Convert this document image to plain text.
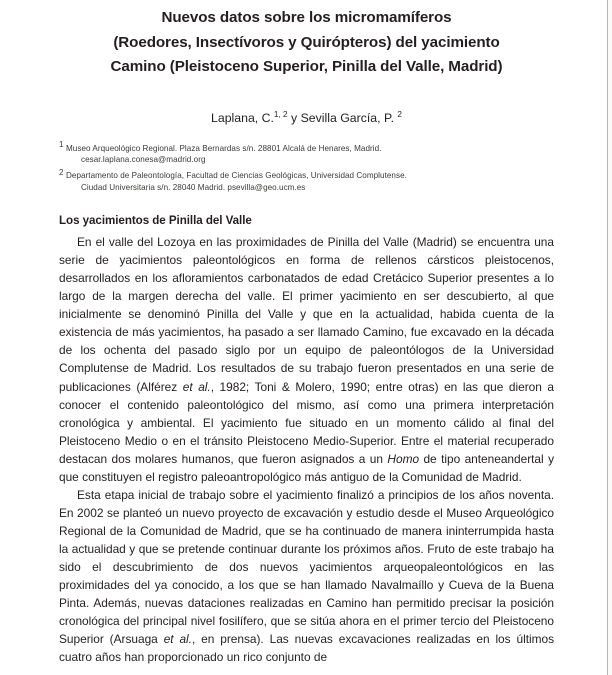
Nuevos datos sobre los micromamíferos
(Roedores, Insectívoros y Quirópteros) del yacimiento
Camino (Pleistoceno Superior, Pinilla del Valle, Madrid)

Laplana, C.$^{1, 2}$ y Sevilla García, P. $^2$

1 Museo Arqueológico Regional. Plaza Bernardas s/n. 28801 Alcalá de Henares, Madrid.
cesar.laplana.conesa@madrid.org

2 Departamento de Paleontología, Facultad de Ciencias Geológicas, Universidad Complutense.
Ciudad Universitaria s/n. 28040 Madrid. psevilla@geo.ucm.es

Los yacimientos de Pinilla del Valle

En el valle del Lozoya en las proximidades de Pinilla del Valle (Madrid) se encuentra una serie de yacimientos paleontológicos en forma de rellenos cársticos pleistocenos, desarrollados en los afloramientos carbonatados de edad Cretácico Superior presentes a lo largo de la margen derecha del valle. El primer yacimiento en ser descubierto, al que inicialmente se denominó Pinilla del Valle y que en la actualidad, habida cuenta de la existencia de más yacimientos, ha pasado a ser llamado Camino, fue excavado en la década de los ochenta del pasado siglo por un equipo de paleontólogos de la Universidad Complutense de Madrid. Los resultados de su trabajo fueron presentados en una serie de publicaciones (Alférez et al., 1982; Toni & Molero, 1990; entre otras) en las que dieron a conocer el contenido paleontológico del mismo, así como una primera interpretación cronológica y ambiental. El yacimiento fue situado en un momento cálido al final del Pleistoceno Medio o en el tránsito Pleistoceno Medio-Superior. Entre el material recuperado destacan dos molares humanos, que fueron asignados a un Homo de tipo anteneandertal y que constituyen el registro paleoantropológico más antiguo de la Comunidad de Madrid.

Esta etapa inicial de trabajo sobre el yacimiento finalizó a principios de los años noventa. En 2002 se planteó un nuevo proyecto de excavación y estudio desde el Museo Arqueológico Regional de la Comunidad de Madrid, que se ha continuado de manera ininterrumpida hasta la actualidad y que se pretende continuar durante los próximos años. Fruto de este trabajo ha sido el descubrimiento de dos nuevos yacimientos arqueopaleontológicos en las proximidades del ya conocido, a los que se han llamado Navalmaíllo y Cueva de la Buena Pinta. Además, nuevas dataciones realizadas en Camino han permitido precisar la posición cronológica del principal nivel fosilífero, que se sitúa ahora en el primer tercio del Pleistoceno Superior (Arsuaga et al., en prensa). Las nuevas excavaciones realizadas en los últimos cuatro años han proporcionado un rico conjunto de
